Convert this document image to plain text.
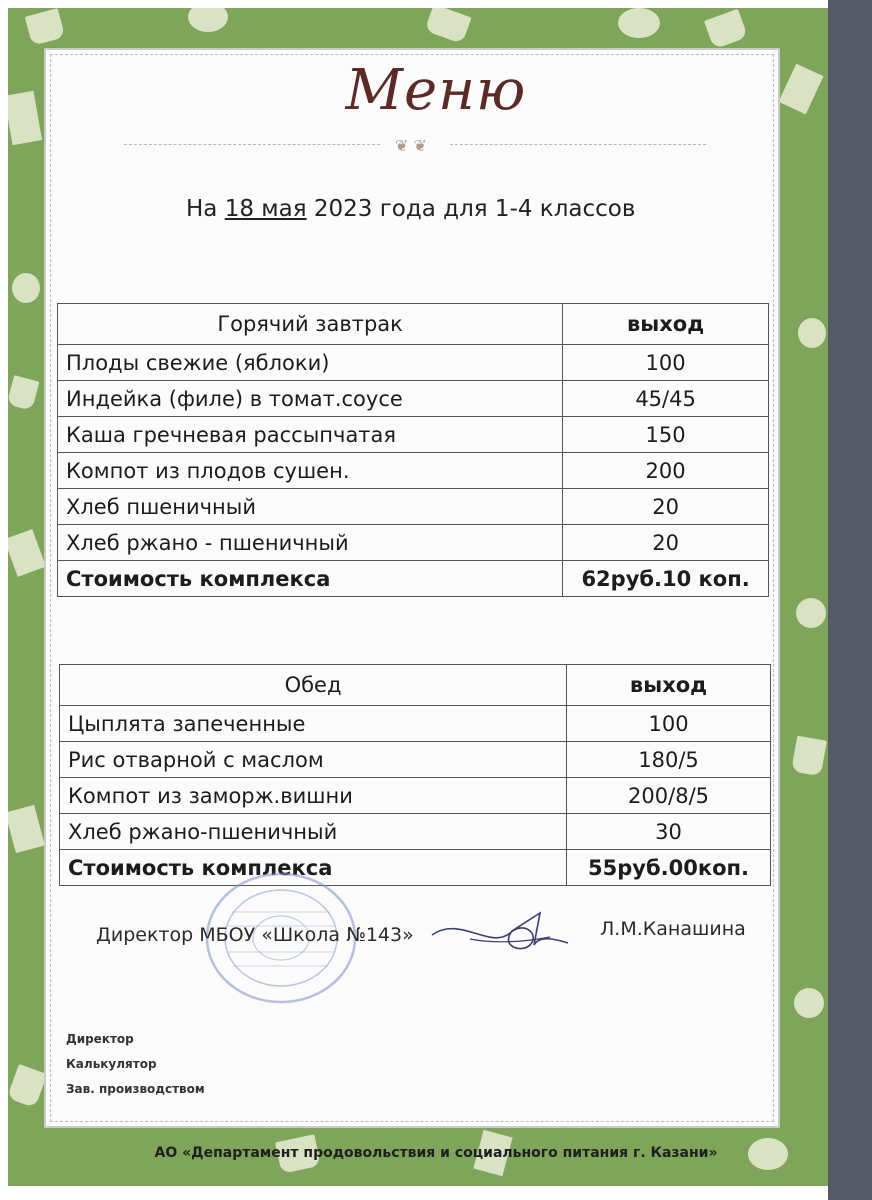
Меню
❦ ❦
На 18 мая 2023 года для 1-4 классов
Горячий завтрак	выход
Плоды свежие (яблоки)	100
Индейка (филе) в томат.соусе	45/45
Каша гречневая рассыпчатая	150
Компот из плодов сушен.	200
Хлеб пшеничный	20
Хлеб ржано - пшеничный	20
Стоимость комплекса	62руб.10 коп.
Обед	выход
Цыплята запеченные	100
Рис отварной с маслом	180/5
Компот из заморж.вишни	200/8/5
Хлеб ржано-пшеничный	30
Стоимость комплекса	55руб.00коп.
Директор МБОУ «Школа №143»	Л.М.Канашина
Директор
Калькулятор
Зав. производством
АО «Департамент продовольствия и социального питания г. Казани»
